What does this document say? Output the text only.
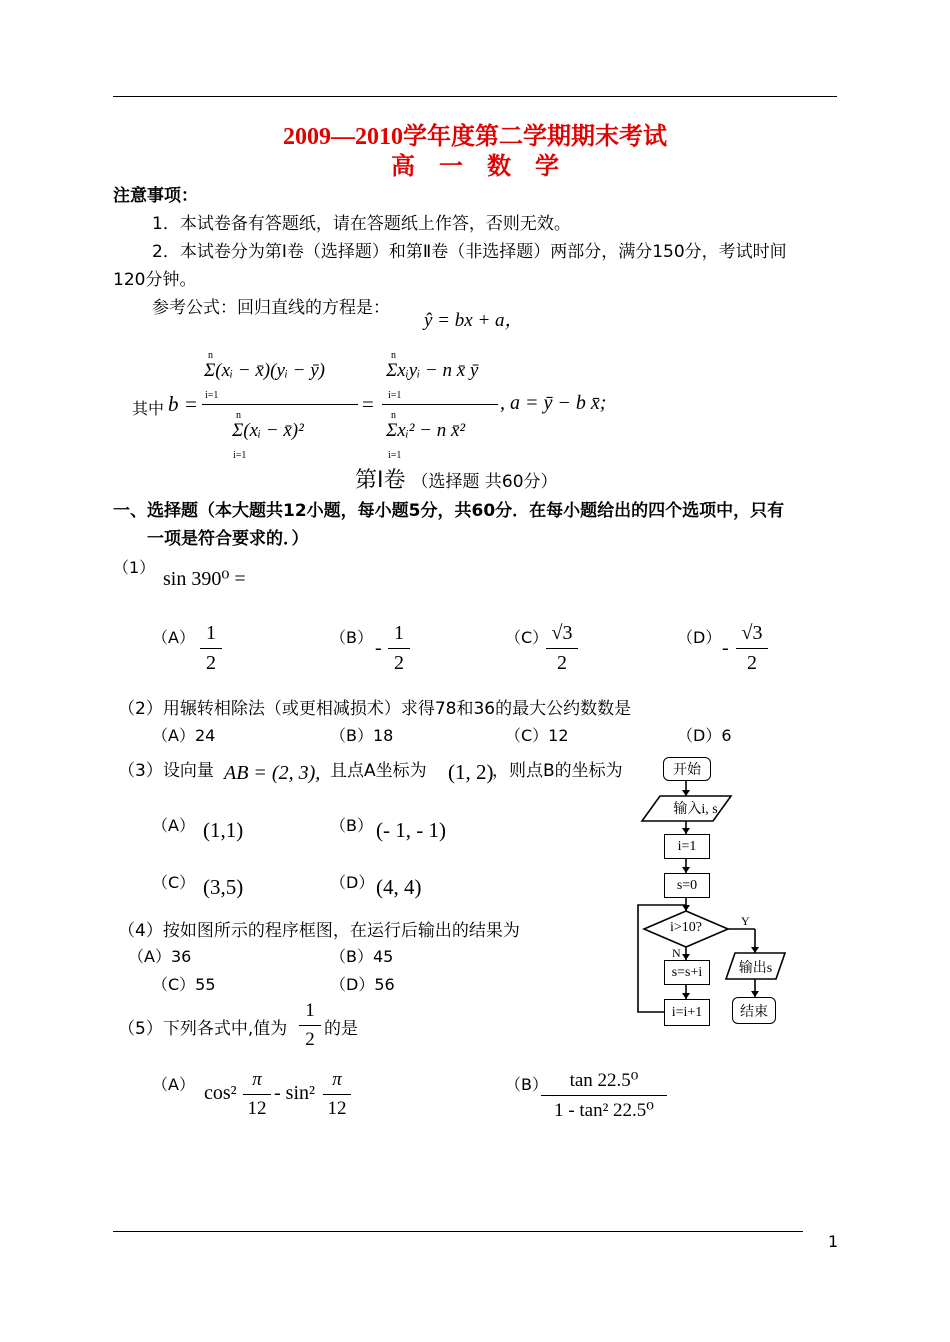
2009—2010学年度第二学期期末考试
高 一 数 学
注意事项：
1．本试卷备有答题纸，请在答题纸上作答，否则无效。
2．本试卷分为第Ⅰ卷（选择题）和第Ⅱ卷（非选择题）两部分，满分150分，考试时间
120分钟。
参考公式：回归直线的方程是：
ŷ = bx + a，
其中 b =
n
i=1
Σ(xᵢ − x̄)(yᵢ − ȳ)
n
i=1
Σ(xᵢ − x̄)²
=
n
i=1
Σxᵢyᵢ − n x̄ ȳ
n
i=1
Σxᵢ² − n x̄²
, a = ȳ − b x̄;
第Ⅰ卷 （选择题 共60分）
一、选择题（本大题共12小题，每小题5分，共60分．在每小题给出的四个选项中，只有
一项是符合要求的．）
（1）
sin 390⁰ =
（A） 1
2
（B） -
1
2
（C） √3
2
（D） -
√3
2
（2）用辗转相除法（或更相减损术）求得78和36的最大公约数数是
（A）24	（B）18	（C）12	（D）6
（3）设向量 AB = (2, 3), 且点A坐标为 (1, 2)
，则点B的坐标为
（A） (1,1)	（B） (- 1, - 1)
（C） (3,5)	（D） (4, 4)
（4）按如图所示的程序框图，在运行后输出的结果为
（A）36	（B）45
（C）55	（D）56
开始
输入i, s
i=1
s=0
i>10?	Y
N
s=s+i
i=i+1
输出s
结束
（5）下列各式中,值为
1
2 的是
（A） cos²
π
12
- sin²
π
12
（B）	tan 22.5⁰
1 - tan² 22.5⁰
1
